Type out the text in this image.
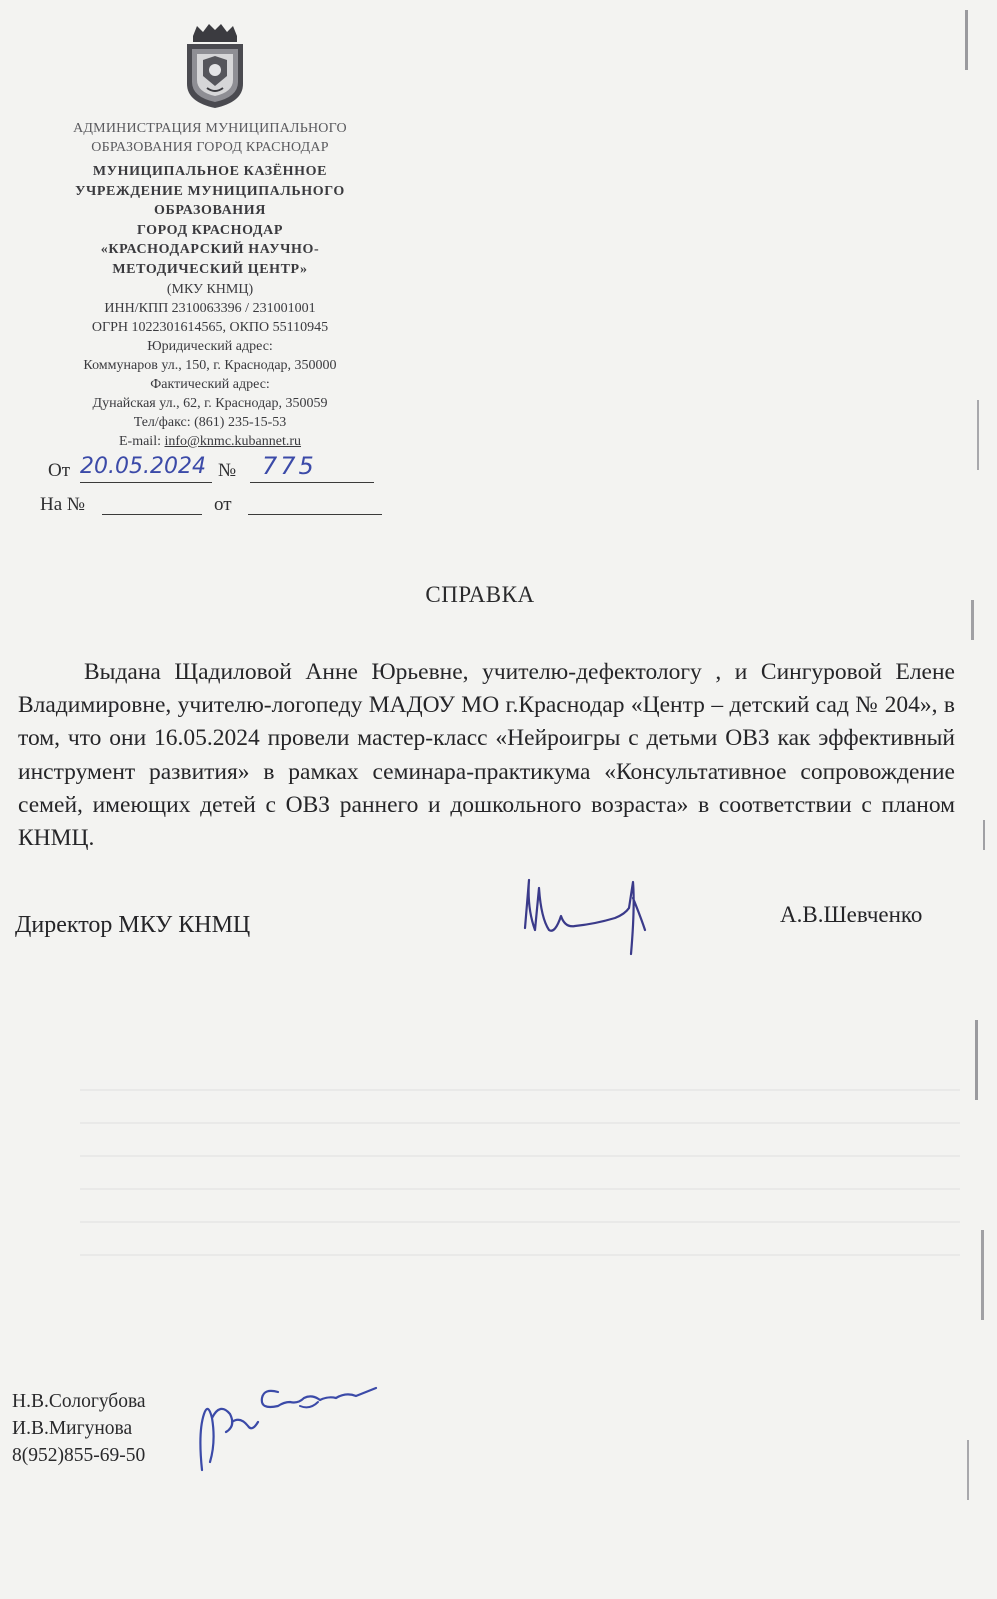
АДМИНИСТРАЦИЯ МУНИЦИПАЛЬНОГО
ОБРАЗОВАНИЯ ГОРОД КРАСНОДАР
МУНИЦИПАЛЬНОЕ КАЗЁННОЕ
УЧРЕЖДЕНИЕ МУНИЦИПАЛЬНОГО
ОБРАЗОВАНИЯ
ГОРОД КРАСНОДАР
«КРАСНОДАРСКИЙ НАУЧНО-
МЕТОДИЧЕСКИЙ ЦЕНТР»
(МКУ КНМЦ)
ИНН/КПП 2310063396 / 231001001
ОГРН 1022301614565, ОКПО 55110945
Юридический адрес:
Коммунаров ул., 150, г. Краснодар, 350000
Фактический адрес:
Дунайская ул., 62, г. Краснодар, 350059
Тел/факс: (861) 235-15-53
E-mail: info@knmc.kubannet.ru
От 20.05.2024 № 775
На №	от
СПРАВКА

Выдана Щадиловой Анне Юрьевне, учителю-дефектологу , и Сингуровой Елене Владимировне, учителю-логопеду МАДОУ МО г.Краснодар «Центр – детский сад № 204», в том, что они 16.05.2024 провели мастер-класс «Нейроигры с детьми ОВЗ как эффективный инструмент развития» в рамках семинара-практикума «Консультативное сопровождение семей, имеющих детей с ОВЗ раннего и дошкольного возраста» в соответствии с планом КНМЦ.

Директор МКУ КНМЦ	А.В.Шевченко
Н.В.Сологубова
И.В.Мигунова
8(952)855-69-50
